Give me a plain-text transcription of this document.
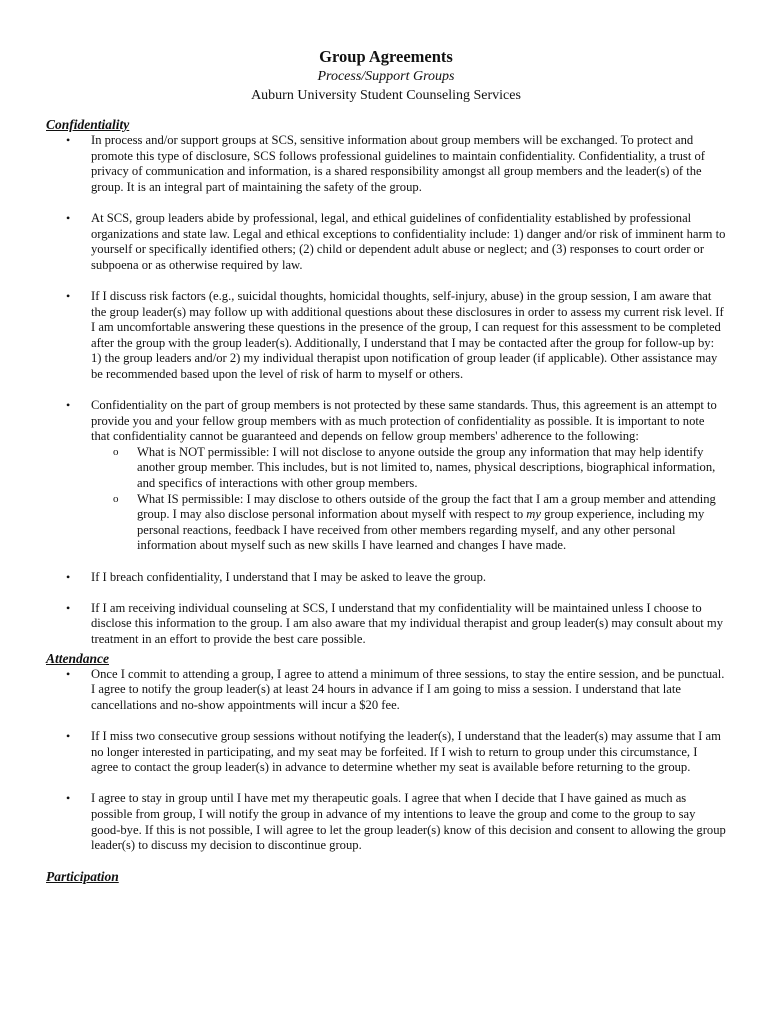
Group Agreements
Process/Support Groups
Auburn University Student Counseling Services
Confidentiality
• In process and/or support groups at SCS, sensitive information about group members will be exchanged. To protect and promote this type of disclosure, SCS follows professional guidelines to maintain confidentiality. Confidentiality, a trust of privacy of communication and information, is a shared responsibility amongst all group members and the leader(s) of the group. It is an integral part of maintaining the safety of the group.
• At SCS, group leaders abide by professional, legal, and ethical guidelines of confidentiality established by professional organizations and state law. Legal and ethical exceptions to confidentiality include: 1) danger and/or risk of imminent harm to yourself or specifically identified others; (2) child or dependent adult abuse or neglect; and (3) responses to court order or subpoena or as otherwise required by law.
• If I discuss risk factors (e.g., suicidal thoughts, homicidal thoughts, self-injury, abuse) in the group session, I am aware that the group leader(s) may follow up with additional questions about these disclosures in order to assess my current risk level. If I am uncomfortable answering these questions in the presence of the group, I can request for this assessment to be completed after the group with the group leader(s). Additionally, I understand that I may be contacted after the group for follow-up by: 1) the group leaders and/or 2) my individual therapist upon notification of group leader (if applicable). Other assistance may be recommended based upon the level of risk of harm to myself or others.
• Confidentiality on the part of group members is not protected by these same standards. Thus, this agreement is an attempt to provide you and your fellow group members with as much protection of confidentiality as possible. It is important to note that confidentiality cannot be guaranteed and depends on fellow group members' adherence to the following:
o What is NOT permissible: I will not disclose to anyone outside the group any information that may help identify another group member. This includes, but is not limited to, names, physical descriptions, biographical information, and specifics of interactions with other group members.
o What IS permissible: I may disclose to others outside of the group the fact that I am a group member and attending group. I may also disclose personal information about myself with respect to my group experience, including my personal reactions, feedback I have received from other members regarding myself, and any other personal information about myself such as new skills I have learned and changes I have made.
• If I breach confidentiality, I understand that I may be asked to leave the group.
• If I am receiving individual counseling at SCS, I understand that my confidentiality will be maintained unless I choose to disclose this information to the group. I am also aware that my individual therapist and group leader(s) may consult about my treatment in an effort to provide the best care possible.
Attendance
• Once I commit to attending a group, I agree to attend a minimum of three sessions, to stay the entire session, and be punctual. I agree to notify the group leader(s) at least 24 hours in advance if I am going to miss a session. I understand that late cancellations and no-show appointments will incur a $20 fee.
• If I miss two consecutive group sessions without notifying the leader(s), I understand that the leader(s) may assume that I am no longer interested in participating, and my seat may be forfeited. If I wish to return to group under this circumstance, I agree to contact the group leader(s) in advance to determine whether my seat is available before returning to the group.
• I agree to stay in group until I have met my therapeutic goals. I agree that when I decide that I have gained as much as possible from group, I will notify the group in advance of my intentions to leave the group and come to the group to say good-bye. If this is not possible, I will agree to let the group leader(s) know of this decision and consent to allowing the group leader(s) to discuss my decision to discontinue group.
Participation
